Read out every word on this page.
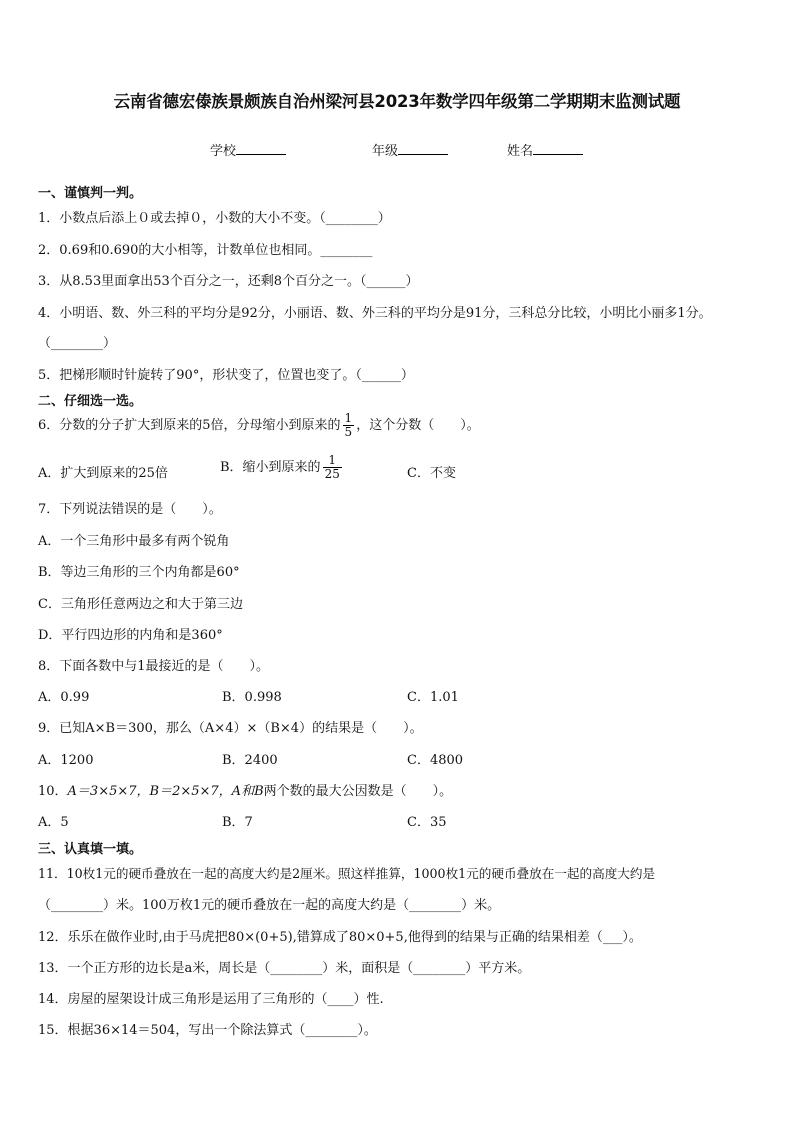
云南省德宏傣族景颇族自治州梁河县2023年数学四年级第二学期期末监测试题
学校	年级	姓名
一、谨慎判一判。
1．小数点后添上０或去掉０，小数的大小不变。（________）
2．0.69和0.690的大小相等，计数单位也相同。________
3．从8.53里面拿出53个百分之一，还剩8个百分之一。（______）
4．小明语、数、外三科的平均分是92分，小丽语、数、外三科的平均分是91分，三科总分比较，小明比小丽多1分。
（________）
5．把梯形顺时针旋转了90°，形状变了，位置也变了。（______）
二、仔细选一选。
6．分数的分子扩大到原来的5倍，分母缩小到原来的 $\frac{1}{5}$ ，这个分数（　　）。
A．扩大到原来的25倍	B．缩小到原来的 $\frac{1}{25}$	C．不变
7．下列说法错误的是（　　）。
A．一个三角形中最多有两个锐角
B．等边三角形的三个内角都是60°
C．三角形任意两边之和大于第三边
D．平行四边形的内角和是360°
8．下面各数中与1最接近的是（　　）。
A．0.99	B．0.998	C．1.01
9．已知A×B＝300，那么（A×4）×（B×4）的结果是（　　）。
A．1200	B．2400	C．4800
10．A＝3×5×7，B＝2×5×7，A和B两个数的最大公因数是（　　）。
A．5	B．7	C．35
三、认真填一填。
11．10枚1元的硬币叠放在一起的高度大约是2厘米。照这样推算，1000枚1元的硬币叠放在一起的高度大约是
（________）米。100万枚1元的硬币叠放在一起的高度大约是（________）米。
12．乐乐在做作业时,由于马虎把80×(0+5),错算成了80×0+5,他得到的结果与正确的结果相差（___）。
13．一个正方形的边长是a米，周长是（________）米，面积是（________）平方米。
14．房屋的屋架设计成三角形是运用了三角形的（____）性.
15．根据36×14＝504，写出一个除法算式（________）。
